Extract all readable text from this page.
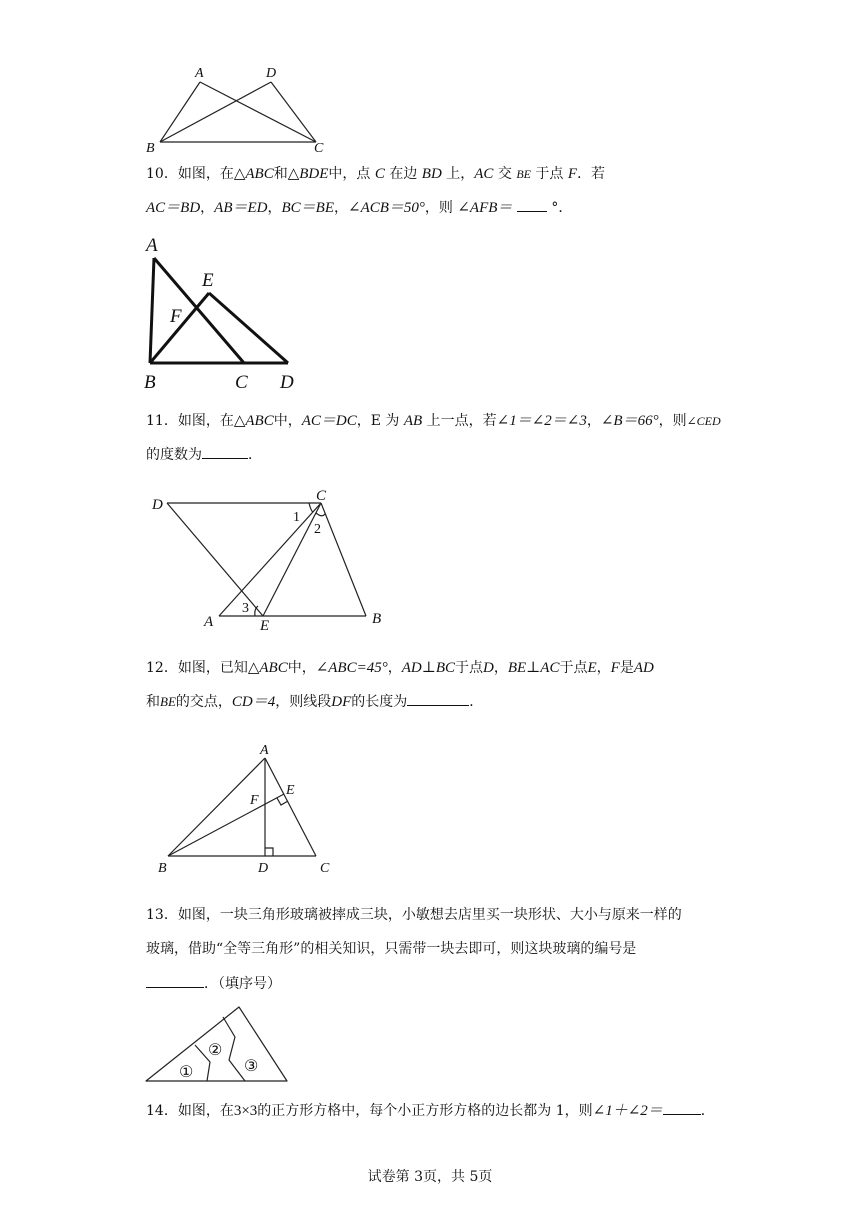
A	D
B	C
10．如图，在△ABC和△BDE中，点 C 在边 BD 上，AC 交 BE 于点 F．若
AC＝BD，AB＝ED，BC＝BE，∠ACB＝50°，则 ∠AFB＝	°．
A
E
F
B	C D
11．如图，在△ABC中，AC＝DC，E 为 AB 上一点，若∠1＝∠2＝∠3，∠B＝66°，则∠CED
的度数为	．
D
C
1
2
3
A	E	B
12．如图，已知△ABC中，∠ABC=45°，AD⊥BC于点D，BE⊥AC于点E，F是AD
和BE的交点，CD＝4，则线段DF的长度为	．
A
E
F
B	D	C
13．如图，一块三角形玻璃被摔成三块，小敏想去店里买一块形状、大小与原来一样的
玻璃，借助“全等三角形”的相关知识，只需带一块去即可，则这块玻璃的编号是
．（填序号）
①
②
③
14．如图，在3×3的正方形方格中，每个小正方形方格的边长都为 1，则∠1＋∠2＝	．
试卷第 3页，共 5页
